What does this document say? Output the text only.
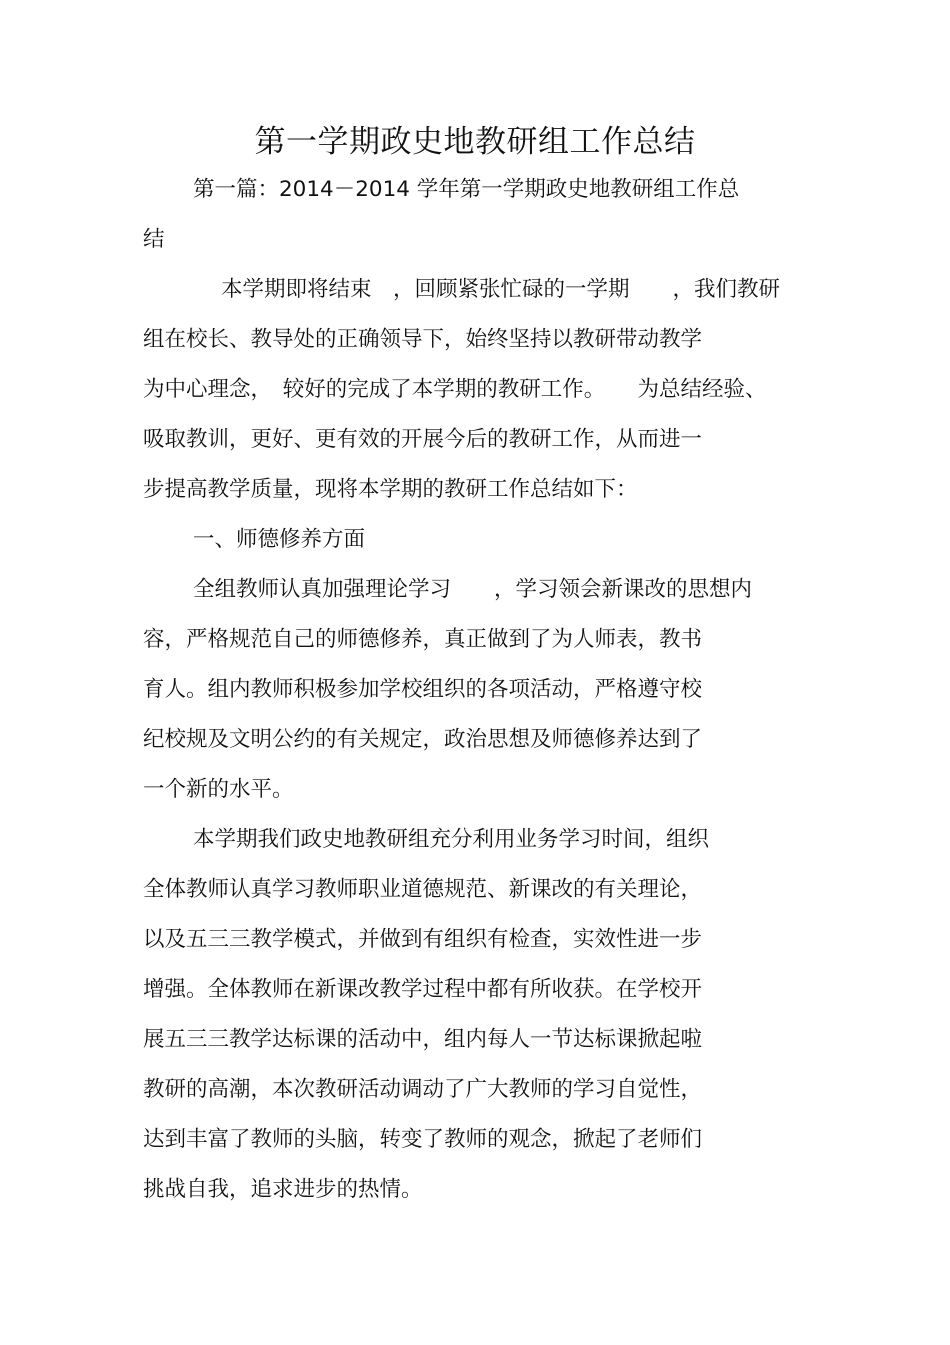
第一学期政史地教研组工作总结
第一篇：2014－2014 学年第一学期政史地教研组工作总
结
本学期即将结束　，回顾紧张忙碌的一学期　　，我们教研
组在校长、教导处的正确领导下，始终坚持以教研带动教学
为中心理念，　较好的完成了本学期的教研工作。　　为总结经验、
吸取教训，更好、更有效的开展今后的教研工作，从而进一
步提高教学质量，现将本学期的教研工作总结如下：
一、师德修养方面
全组教师认真加强理论学习　　，学习领会新课改的思想内
容，严格规范自己的师德修养，真正做到了为人师表，教书
育人。组内教师积极参加学校组织的各项活动，严格遵守校
纪校规及文明公约的有关规定，政治思想及师德修养达到了
一个新的水平。
本学期我们政史地教研组充分利用业务学习时间，组织
全体教师认真学习教师职业道德规范、新课改的有关理论，
以及五三三教学模式，并做到有组织有检查，实效性进一步
增强。全体教师在新课改教学过程中都有所收获。在学校开
展五三三教学达标课的活动中，组内每人一节达标课掀起啦
教研的高潮，本次教研活动调动了广大教师的学习自觉性，
达到丰富了教师的头脑，转变了教师的观念，掀起了老师们
挑战自我，追求进步的热情。
